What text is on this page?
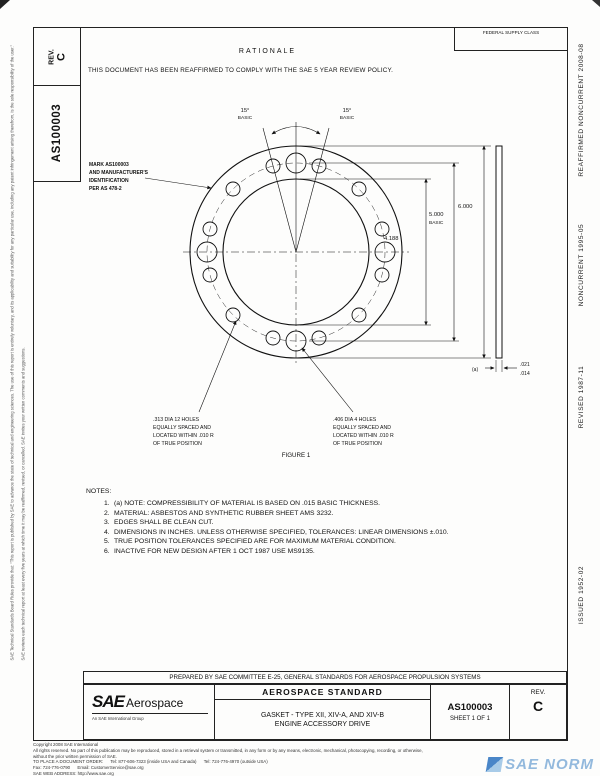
SAE Technical Standards Board Rules provide that: "This report is published by SAE to advance the state of technical and engineering sciences. The use of this report is entirely voluntary, and its applicability and suitability for any particular use, including any patent infringement arising therefrom, is the sole responsibility of the user."	SAE reviews each technical report at least every five years at which time it may be reaffirmed, revised, or cancelled. SAE invites your written comments and suggestions.
REAFFIRMED NONCURRENT 2008-08
NONCURRENT 1995-05
REVISED 1987-11
ISSUED 1952-02
REV. C
AS100003
FEDERAL SUPPLY CLASS
RATIONALE
THIS DOCUMENT HAS BEEN REAFFIRMED TO COMPLY WITH THE SAE 5 YEAR REVIEW POLICY.
15°
BASIC
15°
BASIC
MARK AS100003
AND MANUFACTURER'S
IDENTIFICATION
PER AS 478-2
4.188
5.000
BASIC
6.000
(a)
.021
.014
.313 DIA 12 HOLES
EQUALLY SPACED AND
LOCATED WITHIN .010 R
OF TRUE POSITION
.406 DIA 4 HOLES
EQUALLY SPACED AND
LOCATED WITHIN .010 R
OF TRUE POSITION
FIGURE 1
NOTES:
1. (a) NOTE: COMPRESSIBILITY OF MATERIAL IS BASED ON .015 BASIC THICKNESS.
2. MATERIAL: ASBESTOS AND SYNTHETIC RUBBER SHEET AMS 3232.
3. EDGES SHALL BE CLEAN CUT.
4. DIMENSIONS IN INCHES. UNLESS OTHERWISE SPECIFIED, TOLERANCES: LINEAR DIMENSIONS ±.010.
5. TRUE POSITION TOLERANCES SPECIFIED ARE FOR MAXIMUM MATERIAL CONDITION.
6. INACTIVE FOR NEW DESIGN AFTER 1 OCT 1987 USE MS9135.
PREPARED BY SAE COMMITTEE E-25, GENERAL STANDARDS FOR AEROSPACE PROPULSION SYSTEMS
SAE Aerospace
An SAE International Group
AEROSPACE STANDARD
GASKET - TYPE XII, XIV-A, AND XIV-B
ENGINE ACCESSORY DRIVE
AS100003
SHEET 1 OF 1
REV.
C
Copyright 2008 SAE International
All rights reserved. No part of this publication may be reproduced, stored in a retrieval system or transmitted, in any form or by any means, electronic, mechanical, photocopying, recording, or otherwise,
without the prior written permission of SAE.
TO PLACE A DOCUMENT ORDER:      Tel: 877-606-7323 (inside USA and Canada)      Tel: 724-776-4970 (outside USA)
Fax: 724-776-0790      Email: CustomerService@sae.org
SAE WEB ADDRESS: http://www.sae.org
SAE NORM
